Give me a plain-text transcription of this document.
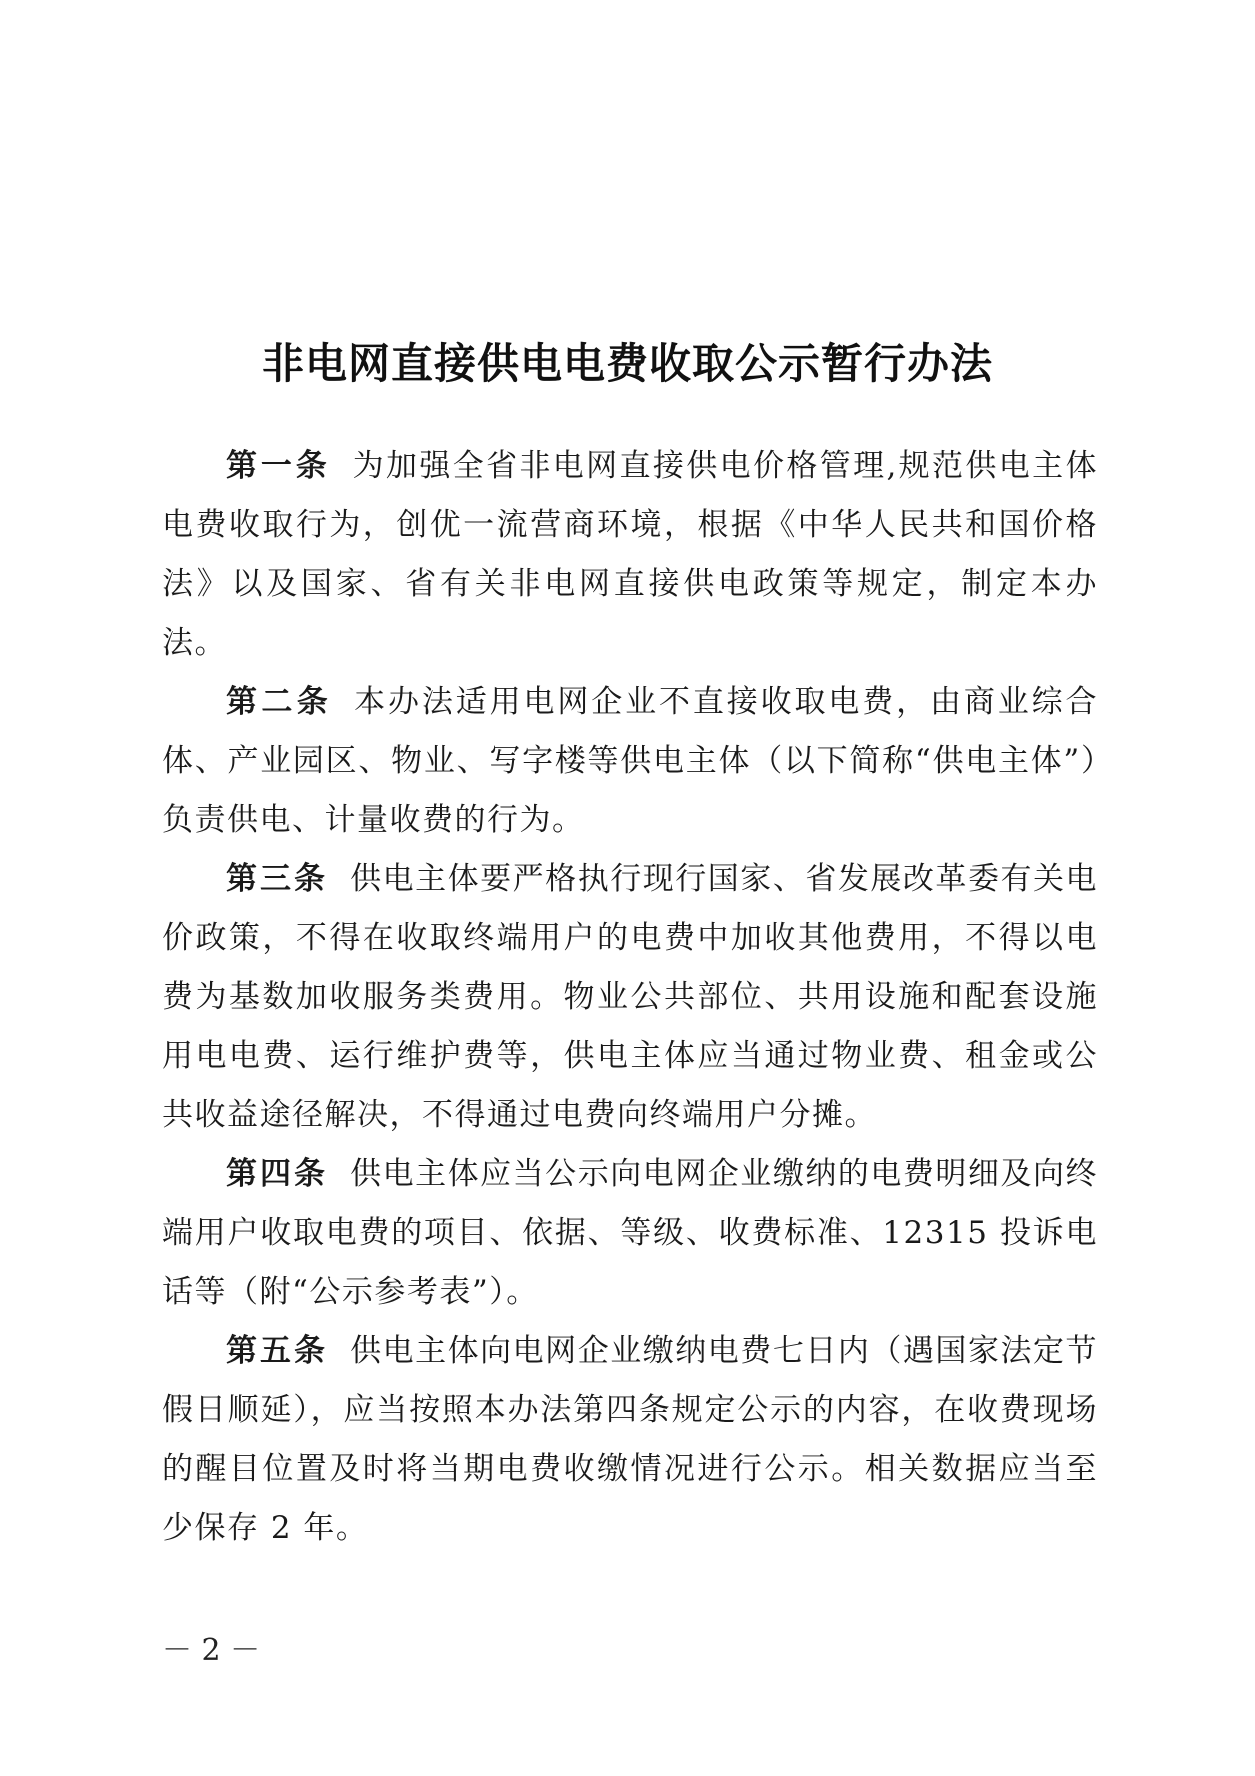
非电网直接供电电费收取公示暂行办法

第一条 为加强全省非电网直接供电价格管理,规范供电主体电费收取行为，创优一流营商环境，根据《中华人民共和国价格法》以及国家、省有关非电网直接供电政策等规定，制定本办法。

第二条 本办法适用电网企业不直接收取电费，由商业综合体、产业园区、物业、写字楼等供电主体（以下简称“供电主体”）负责供电、计量收费的行为。

第三条 供电主体要严格执行现行国家、省发展改革委有关电价政策，不得在收取终端用户的电费中加收其他费用，不得以电费为基数加收服务类费用。物业公共部位、共用设施和配套设施用电电费、运行维护费等，供电主体应当通过物业费、租金或公共收益途径解决，不得通过电费向终端用户分摊。

第四条 供电主体应当公示向电网企业缴纳的电费明细及向终端用户收取电费的项目、依据、等级、收费标准、12315 投诉电话等（附“公示参考表”）。

第五条 供电主体向电网企业缴纳电费七日内（遇国家法定节假日顺延），应当按照本办法第四条规定公示的内容，在收费现场的醒目位置及时将当期电费收缴情况进行公示。相关数据应当至少保存 2 年。

－ 2 －
